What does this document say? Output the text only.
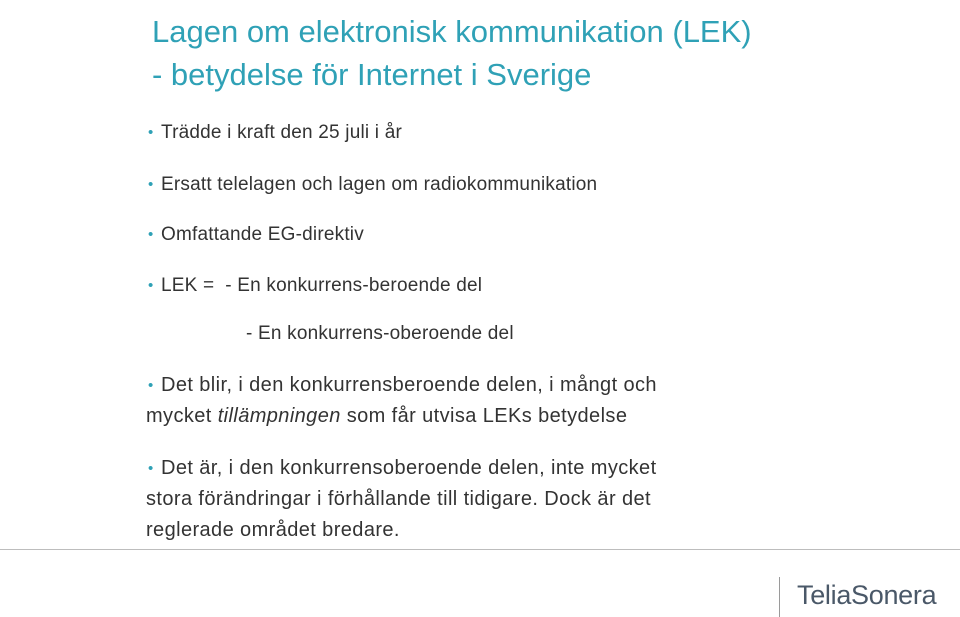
Lagen om elektronisk kommunikation (LEK)
- betydelse för Internet i Sverige
• Trädde i kraft den 25 juli i år
• Ersatt telelagen och lagen om radiokommunikation
• Omfattande EG-direktiv
• LEK =  - En konkurrens-beroende del
- En konkurrens-oberoende del
• Det blir, i den konkurrensberoende delen, i mångt och
mycket tillämpningen som får utvisa LEKs betydelse
• Det är, i den konkurrensoberoende delen, inte mycket
stora förändringar i förhållande till tidigare. Dock är det
reglerade området bredare.
TeliaSonera
